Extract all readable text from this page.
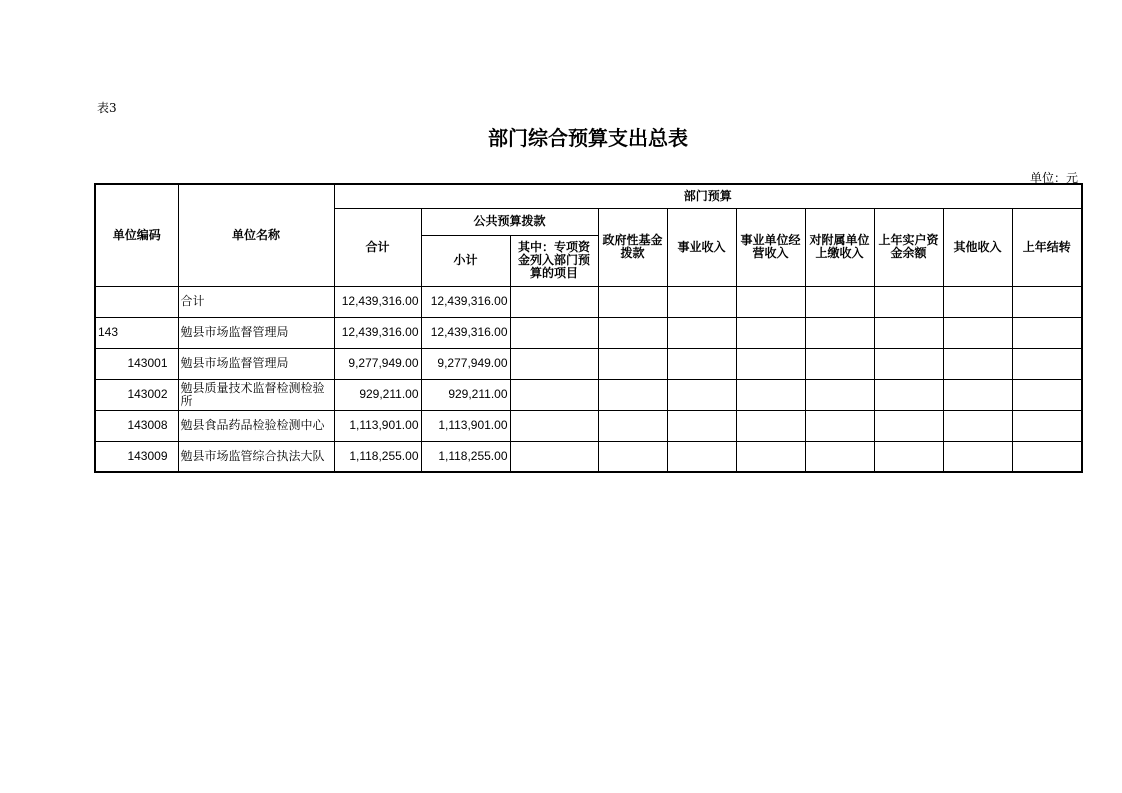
表3
部门综合预算支出总表
单位：元
单位编码	单位名称	部门预算									
		合计	公共预算拨款		政府性基金拨款	事业收入	事业单位经营收入	对附属单位上缴收入	上年实户资金余额	其他收入	上年结转
			小计	其中：专项资金列入部门预算的项目							
	合计	12,439,316.00	12,439,316.00								
143	勉县市场监督管理局	12,439,316.00	12,439,316.00								
143001	勉县市场监督管理局	9,277,949.00	9,277,949.00								
143002	勉县质量技术监督检测检验所	929,211.00	929,211.00								
143008	勉县食品药品检验检测中心	1,113,901.00	1,113,901.00								
143009	勉县市场监管综合执法大队	1,118,255.00	1,118,255.00								
